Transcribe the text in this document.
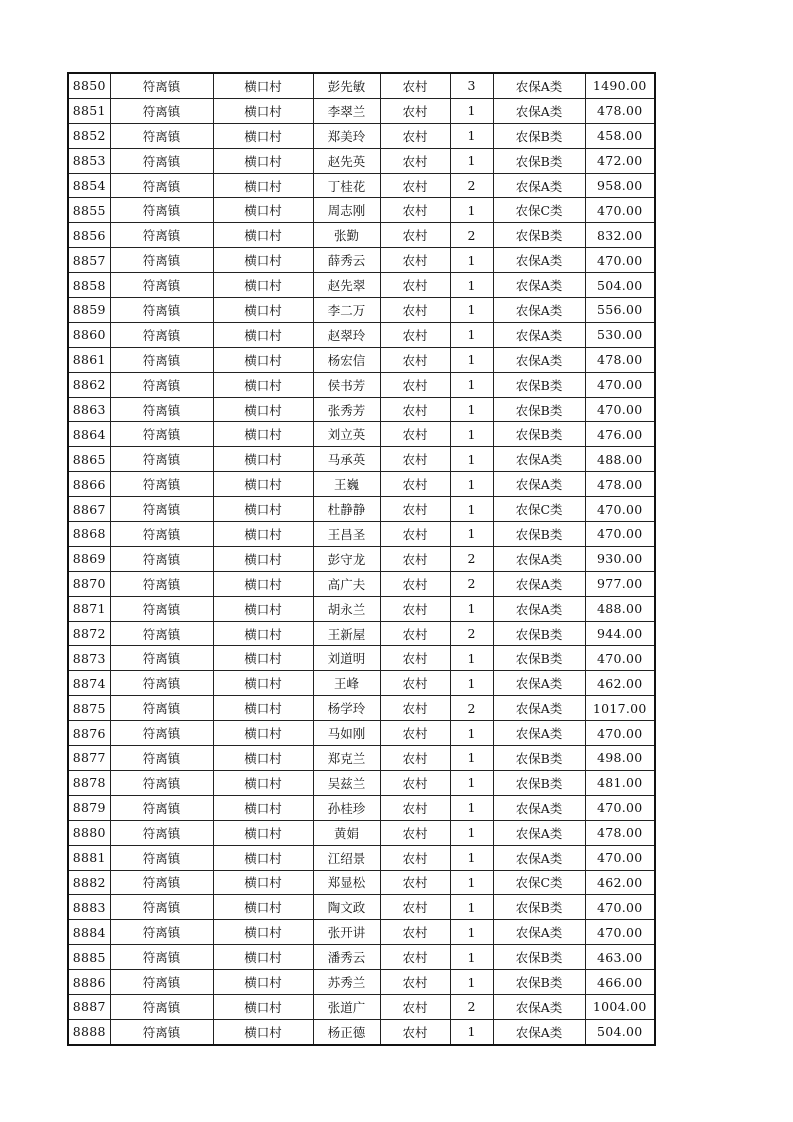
8850	符离镇	横口村	彭先敏	农村	3	农保A类	1490.00
8851	符离镇	横口村	李翠兰	农村	1	农保A类	478.00
8852	符离镇	横口村	郑美玲	农村	1	农保B类	458.00
8853	符离镇	横口村	赵先英	农村	1	农保B类	472.00
8854	符离镇	横口村	丁桂花	农村	2	农保A类	958.00
8855	符离镇	横口村	周志刚	农村	1	农保C类	470.00
8856	符离镇	横口村	张勤	农村	2	农保B类	832.00
8857	符离镇	横口村	薛秀云	农村	1	农保A类	470.00
8858	符离镇	横口村	赵先翠	农村	1	农保A类	504.00
8859	符离镇	横口村	李二万	农村	1	农保A类	556.00
8860	符离镇	横口村	赵翠玲	农村	1	农保A类	530.00
8861	符离镇	横口村	杨宏信	农村	1	农保A类	478.00
8862	符离镇	横口村	侯书芳	农村	1	农保B类	470.00
8863	符离镇	横口村	张秀芳	农村	1	农保B类	470.00
8864	符离镇	横口村	刘立英	农村	1	农保B类	476.00
8865	符离镇	横口村	马承英	农村	1	农保A类	488.00
8866	符离镇	横口村	王巍	农村	1	农保A类	478.00
8867	符离镇	横口村	杜静静	农村	1	农保C类	470.00
8868	符离镇	横口村	王昌圣	农村	1	农保B类	470.00
8869	符离镇	横口村	彭守龙	农村	2	农保A类	930.00
8870	符离镇	横口村	高广夫	农村	2	农保A类	977.00
8871	符离镇	横口村	胡永兰	农村	1	农保A类	488.00
8872	符离镇	横口村	王新屋	农村	2	农保B类	944.00
8873	符离镇	横口村	刘道明	农村	1	农保B类	470.00
8874	符离镇	横口村	王峰	农村	1	农保A类	462.00
8875	符离镇	横口村	杨学玲	农村	2	农保A类	1017.00
8876	符离镇	横口村	马如刚	农村	1	农保A类	470.00
8877	符离镇	横口村	郑克兰	农村	1	农保B类	498.00
8878	符离镇	横口村	吴兹兰	农村	1	农保B类	481.00
8879	符离镇	横口村	孙桂珍	农村	1	农保A类	470.00
8880	符离镇	横口村	黄娟	农村	1	农保A类	478.00
8881	符离镇	横口村	江绍景	农村	1	农保A类	470.00
8882	符离镇	横口村	郑显松	农村	1	农保C类	462.00
8883	符离镇	横口村	陶文政	农村	1	农保B类	470.00
8884	符离镇	横口村	张开讲	农村	1	农保A类	470.00
8885	符离镇	横口村	潘秀云	农村	1	农保B类	463.00
8886	符离镇	横口村	苏秀兰	农村	1	农保B类	466.00
8887	符离镇	横口村	张道广	农村	2	农保A类	1004.00
8888	符离镇	横口村	杨正德	农村	1	农保A类	504.00
